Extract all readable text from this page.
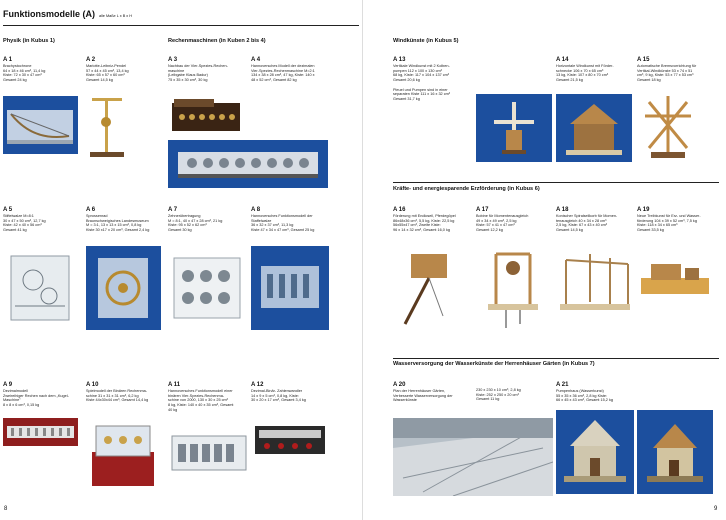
Funktionsmodelle (A) alle Maße L x B x H
Physik (in Kubus 1)	Rechenmaschinen (in Kuben 2 bis 4)
A 1
Brachystochrone
64 x 18 x 46 cm³, 11,4 kg
Kiste: 72 x 30 x 47 cm³
Gesamt 24 kg
A 2
Mariotte-Leibniz-Pendel
57 x 44 x 45 cm³, 13,4 kg
Kiste: 65 x 57 x 60 cm³
Gesamt 14,5 kg
A 3
Nachbau der Vier-Spezies-Rechen-
maschine
(Leibgabe Klaus Badur)
75 x 35 x 30 cm³, 30 kg
A 4
Hannoversches Modell der dezimalen
Vier-Spezies-Rechenmaschine M=2:1
134 x 38 x 28 cm³, 47 kg, Kiste: 140 x
48 x 52 cm³, Gesamt 82 kg
A 5
Stiftelwalze M=8:1
30 x 47 x 50 cm³, 12,7 kg
Kiste: 42 x 40 x 56 cm³
Gesamt 41 kg
A 6
Sprossenrad
Braunschweigisches Landesmuseum
M = 3:1, 13 x 13 x 15 cm³, 0,8 kg
Kiste 30 x17 x 20 cm³, Gesamt 2,4 kg
A 7
Zehnerübertragung
M = 8:1, 40 x 47 x 28 cm³, 21 kg
Kiste: 95 x 52 x 62 cm³
Gesamt 30 kg
A 8
Hannoversches Funktionsmodell der
Staffelwalze
36 x 32 x 37 cm³, 11,3 kg
Kiste 47 x 34 x 47 cm³, Gesamt 25 kg
A 9
Dezimalmodell
Zweireihiger Rechen nach dem „Kugel-Maschine"
8 x 8 x 6 cm³, 0,15 kg
A 10
Spielmodell der Binären Rechenma-
schine 31 x 31 x 31 cm³, 6,2 kg
Kiste 44x30x44 cm³, Gesamt 14,4 kg
A 11
Hannoversches Funktionsmodell einer
binären Vier-Spezies-Rechenma-
schine von 2000, 130 x 30 x 25 cm³
8 kg, Kiste: 140 x 40 x 35 cm³, Gesamt
40 kg
A 12
Dezimal-Binär- Zahlenwandler
14 x 9 x 5 cm³, 0,8 kg, Kiste:
30 x 20 x 17 cm³, Gesamt 3,4 kg
8
Windkünste (in Kubus 5)
A 13
Vertikale Windkunst mit 2 Kolben-
pumpen 112 x 100 x 130 cm³
68 kg, Kiste: 117 x 104 x 137 cm³
Gesamt 20,6 kg

Pleuel und Pumpen sind in einer
separaten Kiste 111 x 16 x 32 cm³
Gesamt 31,7 kg
A 14
Horizontale Windkunst mit Förder-
schnecke 106 x 70 x 65 cm³
13 kg, Kiste: 107 x 80 x 70 cm³
Gesamt 21,5 kg
A 15
Automatische Bremsvorrichtung für
Vertikal-Windkünste 53 x 74 x 51
cm³, 9 kg, Kiste: 53 x 77 x 53 cm³
Gesamt 18 kg
Kräfte- und energiesparende Erzförderung (in Kubus 6)
A 16
Förderung mit Endloseil, Pferdegöpel
86x48x36 cm³, 5,5 kg, Kiste: 22,5 kg
56x55x47 cm³, Zweite Kiste:
96 x 14 x 32 cm³, Gesamt 16,0 kg
A 17
Bobine für Momentenausgleich
49 x 34 x 49 cm³, 2,5 kg
Kiste: 57 x 41 x 47 cm³
Gesamt 12,2 kg
A 18
Konischer Spiralseilkorb für Momen-
tenausgleich 40 x 34 x 28 cm³
2,5 kg, Kiste: 67 x 43 x 40 cm³
Gesamt 14,5 kg
A 19
Neue Treibkunst für Erz- und Wasser-
förderung 104 x 39 x 52 cm³, 7,5 kg
Kiste: 118 x 34 x 65 cm³
Gesamt 33,5 kg
Wasserversorgung der Wasserkünste der Herrenhäuser Gärten (in Kubus 7)
A 20
Plan der Herrenhäuser Gärten,
Verbesserte Wasserversorgung der
Wasserkünste
230 x 230 x 10 cm³, 2,8 kg
Kiste: 252 x 250 x 20 cm³
Gesamt 11 kg
A 21
Pumpenhaus (Wasserkunst)
55 x 35 x 36 cm³, 2,8 kg Kiste:
66 x 45 x 43 cm³, Gesamt 15,2 kg
9
